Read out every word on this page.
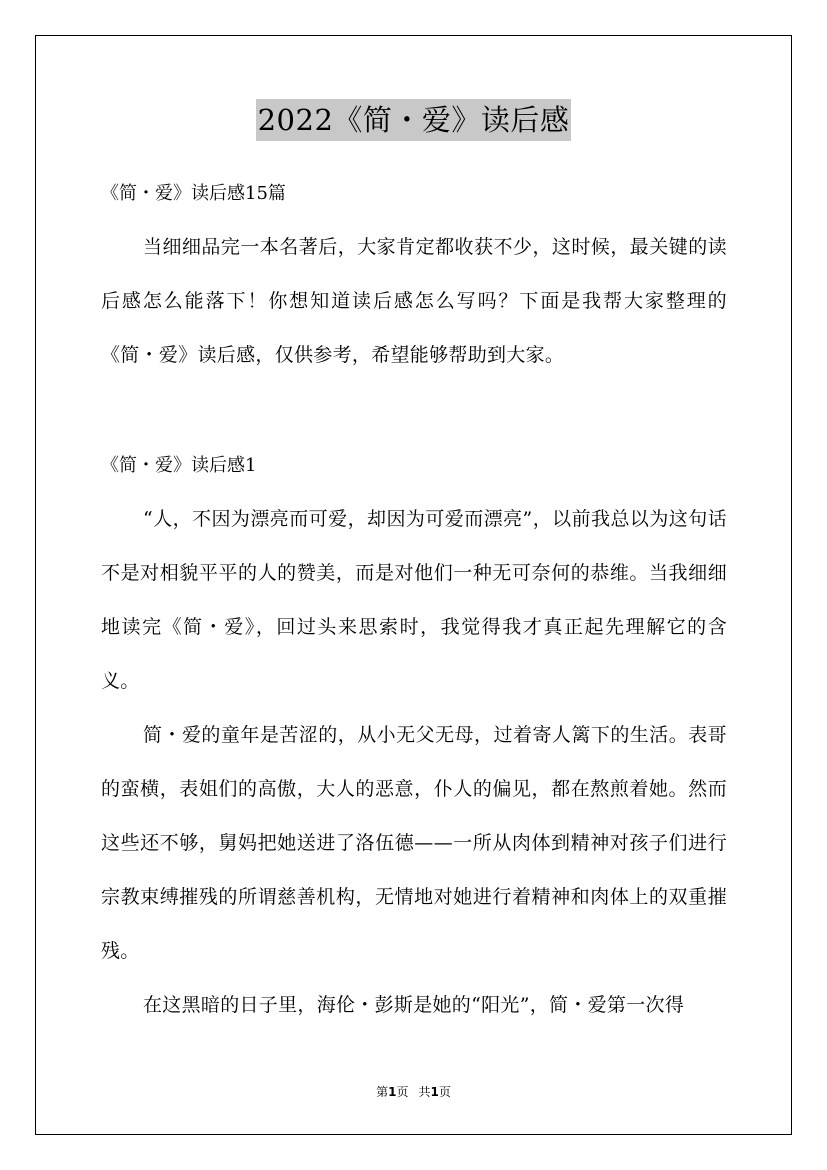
2022《简・爱》读后感
《简・爱》读后感15篇

当细细品完一本名著后，大家肯定都收获不少，这时候，最关键的读后感怎么能落下！你想知道读后感怎么写吗？下面是我帮大家整理的《简・爱》读后感，仅供参考，希望能够帮助到大家。

《简・爱》读后感1

“人，不因为漂亮而可爱，却因为可爱而漂亮”，以前我总以为这句话不是对相貌平平的人的赞美，而是对他们一种无可奈何的恭维。当我细细地读完《简・爱》，回过头来思索时，我觉得我才真正起先理解它的含义。

简・爱的童年是苦涩的，从小无父无母，过着寄人篱下的生活。表哥的蛮横，表姐们的高傲，大人的恶意，仆人的偏见，都在熬煎着她。然而这些还不够，舅妈把她送进了洛伍德——一所从肉体到精神对孩子们进行宗教束缚摧残的所谓慈善机构，无情地对她进行着精神和肉体上的双重摧残。

在这黑暗的日子里，海伦・彭斯是她的“阳光”，简・爱第一次得

第1页 共1页
